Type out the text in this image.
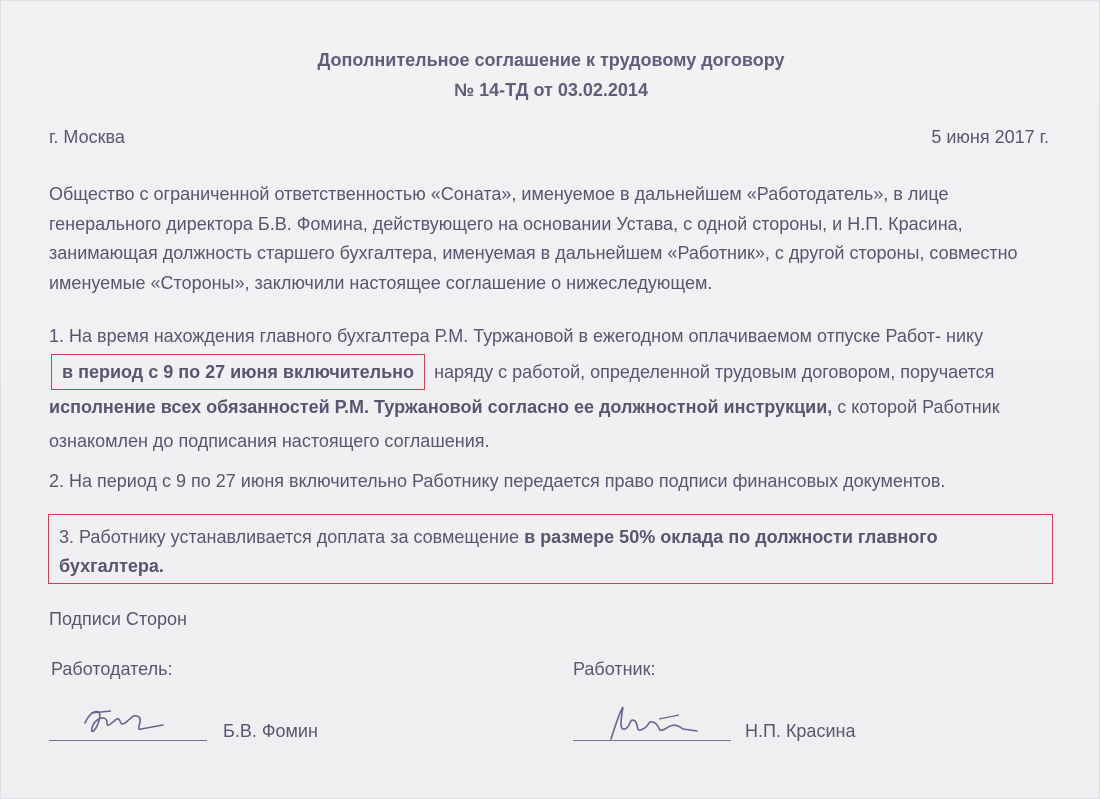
Дополнительное соглашение к трудовому договору
№ 14-ТД от 03.02.2014
г. Москва	5 июня 2017 г.
Общество с ограниченной ответственностью «Соната», именуемое в дальнейшем «Работодатель», в лице генерального директора Б.В. Фомина, действующего на основании Устава, с одной стороны, и Н.П. Красина, занимающая должность старшего бухгалтера, именуемая в дальнейшем «Работник», с другой стороны, совместно именуемые «Стороны», заключили настоящее соглашение о нижеследующем.
1. На время нахождения главного бухгалтера Р.М. Туржановой в ежегодном оплачиваемом отпуске Работ- нику в период с 9 по 27 июня включительно наряду с работой, определенной трудовым договором, поручается исполнение всех обязанностей Р.М. Туржановой согласно ее должностной инструкции, с которой Работник ознакомлен до подписания настоящего соглашения.
2. На период с 9 по 27 июня включительно Работнику передается право подписи финансовых документов.
3. Работнику устанавливается доплата за совмещение в размере 50% оклада по должности главного бухгалтера.
Подписи Сторон
Работодатель:	Работник:
Б.В. Фомин	Н.П. Красина
